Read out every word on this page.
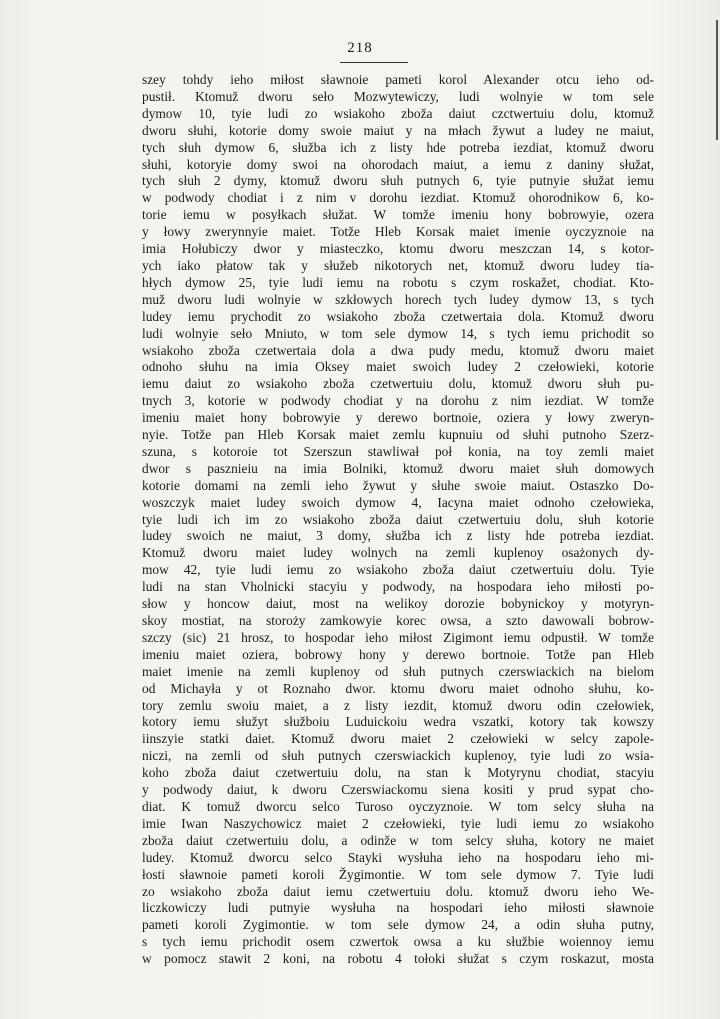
218
szey tohdy ieho miłost sławnoie pameti korol Alexander otcu ieho od-
pustił. Ktomuž dworu seło Mozwytewiczy, ludi wolnyie w tom sele
dymow 10, tyie ludi zo wsiakoho zboža daiut czctwertuiu dolu, ktomuž
dworu słuhi, kotorie domy swoie maiut y na młach žywut a ludey ne maiut,
tych słuh dymow 6, słužba ich z listy hde potreba iezdiat, ktomuž dworu
słuhi, kotoryie domy swoi na ohorodach maiut, a iemu z daniny słužat,
tych słuh 2 dymy, ktomuž dworu słuh putnych 6, tyie putnyie słužat iemu
w podwody chodiat i z nim v dorohu iezdiat. Ktomuž ohorodnikow 6, ko-
torie iemu w posyłkach słužat. W tomže imeniu hony bobrowyie, ozera
y łowy zwerynnyie maiet. Totže Hleb Korsak maiet imenie oyczyznoie na
imia Hołubiczy dwor y miasteczko, ktomu dworu meszczan 14, s kotor-
ych iako płatow tak y słužeb nikotorych net, ktomuž dworu ludey tia-
hłych dymow 25, tyie ludi iemu na robotu s czym roskažet, chodiat. Kto-
muž dworu ludi wolnyie w szkłowych horech tych ludey dymow 13, s tych
ludey iemu prychodit zo wsiakoho zboža czetwertaia dola. Ktomuž dworu
ludi wolnyie seło Mniuto, w tom sele dymow 14, s tych iemu prichodit so
wsiakoho zboža czetwertaia dola a dwa pudy medu, ktomuž dworu maiet
odnoho słuhu na imia Oksey maiet swoich ludey 2 czełowieki, kotorie
iemu daiut zo wsiakoho zboža czetwertuiu dolu, ktomuž dworu słuh pu-
tnych 3, kotorie w podwody chodiat y na dorohu z nim iezdiat. W tomže
imeniu maiet hony bobrowyie y derewo bortnoie, oziera y łowy zweryn-
nyie. Totže pan Hleb Korsak maiet zemlu kupnuiu od słuhi putnoho Szerz-
szuna, s kotoroie tot Szerszun stawliwał poł konia, na toy zemli maiet
dwor s pasznieiu na imia Bolniki, ktomuž dworu maiet słuh domowych
kotorie domami na zemli ieho žywut y słuhe swoie maiut. Ostaszko Do-
woszczyk maiet ludey swoich dymow 4, Iacyna maiet odnoho czełowieka,
tyie ludi ich im zo wsiakoho zboža daiut czetwertuiu dolu, słuh kotorie
ludey swoich ne maiut, 3 domy, słužba ich z listy hde potreba iezdiat.
Ktomuž dworu maiet ludey wolnych na zemli kuplenoy osażonych dy-
mow 42, tyie ludi iemu zo wsiakoho zboža daiut czetwertuiu dolu. Tyie
ludi na stan Vholnicki stacyiu y podwody, na hospodara ieho miłosti po-
słow y honcow daiut, most na welikoy dorozie bobynickoy y motyryn-
skoy mostiat, na storoży zamkowyie korec owsa, a szto dawowali bobrow-
szczy (sic) 21 hrosz, to hospodar ieho miłost Zigimont iemu odpustił. W tomže
imeniu maiet oziera, bobrowy hony y derewo bortnoie. Totže pan Hleb
maiet imenie na zemli kuplenoy od słuh putnych czerswiackich na bielom
od Michayła y ot Roznaho dwor. ktomu dworu maiet odnoho słuhu, ko-
tory zemlu swoiu maiet, a z listy iezdit, ktomuž dworu odin czełowiek,
kotory iemu słužyt słužboiu Luduickoiu wedra vszatki, kotory tak kowszy
iinszyie statki daiet. Ktomuž dworu maiet 2 czełowieki w selcy zapole-
niczi, na zemli od słuh putnych czerswiackich kuplenoy, tyie ludi zo wsia-
koho zboža daiut czetwertuiu dolu, na stan k Motyrynu chodiat, stacyiu
y podwody daiut, k dworu Czerswiackomu siena kositi y prud sypat cho-
diat. K tomuž dworcu selco Turoso oyczyznoie. W tom selcy słuha na
imie Iwan Naszychowicz maiet 2 czełowieki, tyie ludi iemu zo wsiakoho
zboža daiut czetwertuiu dolu, a odinže w tom selcy słuha, kotory ne maiet
ludey. Ktomuž dworcu selco Stayki wysłuha ieho na hospodaru ieho mi-
łosti sławnoie pameti koroli Žygimontie. W tom sele dymow 7. Tyie ludi
zo wsiakoho zboža daiut iemu czetwertuiu dolu. ktomuž dworu ieho We-
liczkowiczy ludi putnyie wysłuha na hospodari ieho miłosti sławnoie
pameti koroli Zygimontie. w tom sele dymow 24, a odin słuha putny,
s tych iemu prichodit osem czwertok owsa a ku słužbie woiennoy iemu
w pomocz stawit 2 koni, na robotu 4 tołoki słužat s czym roskazut, mosta
